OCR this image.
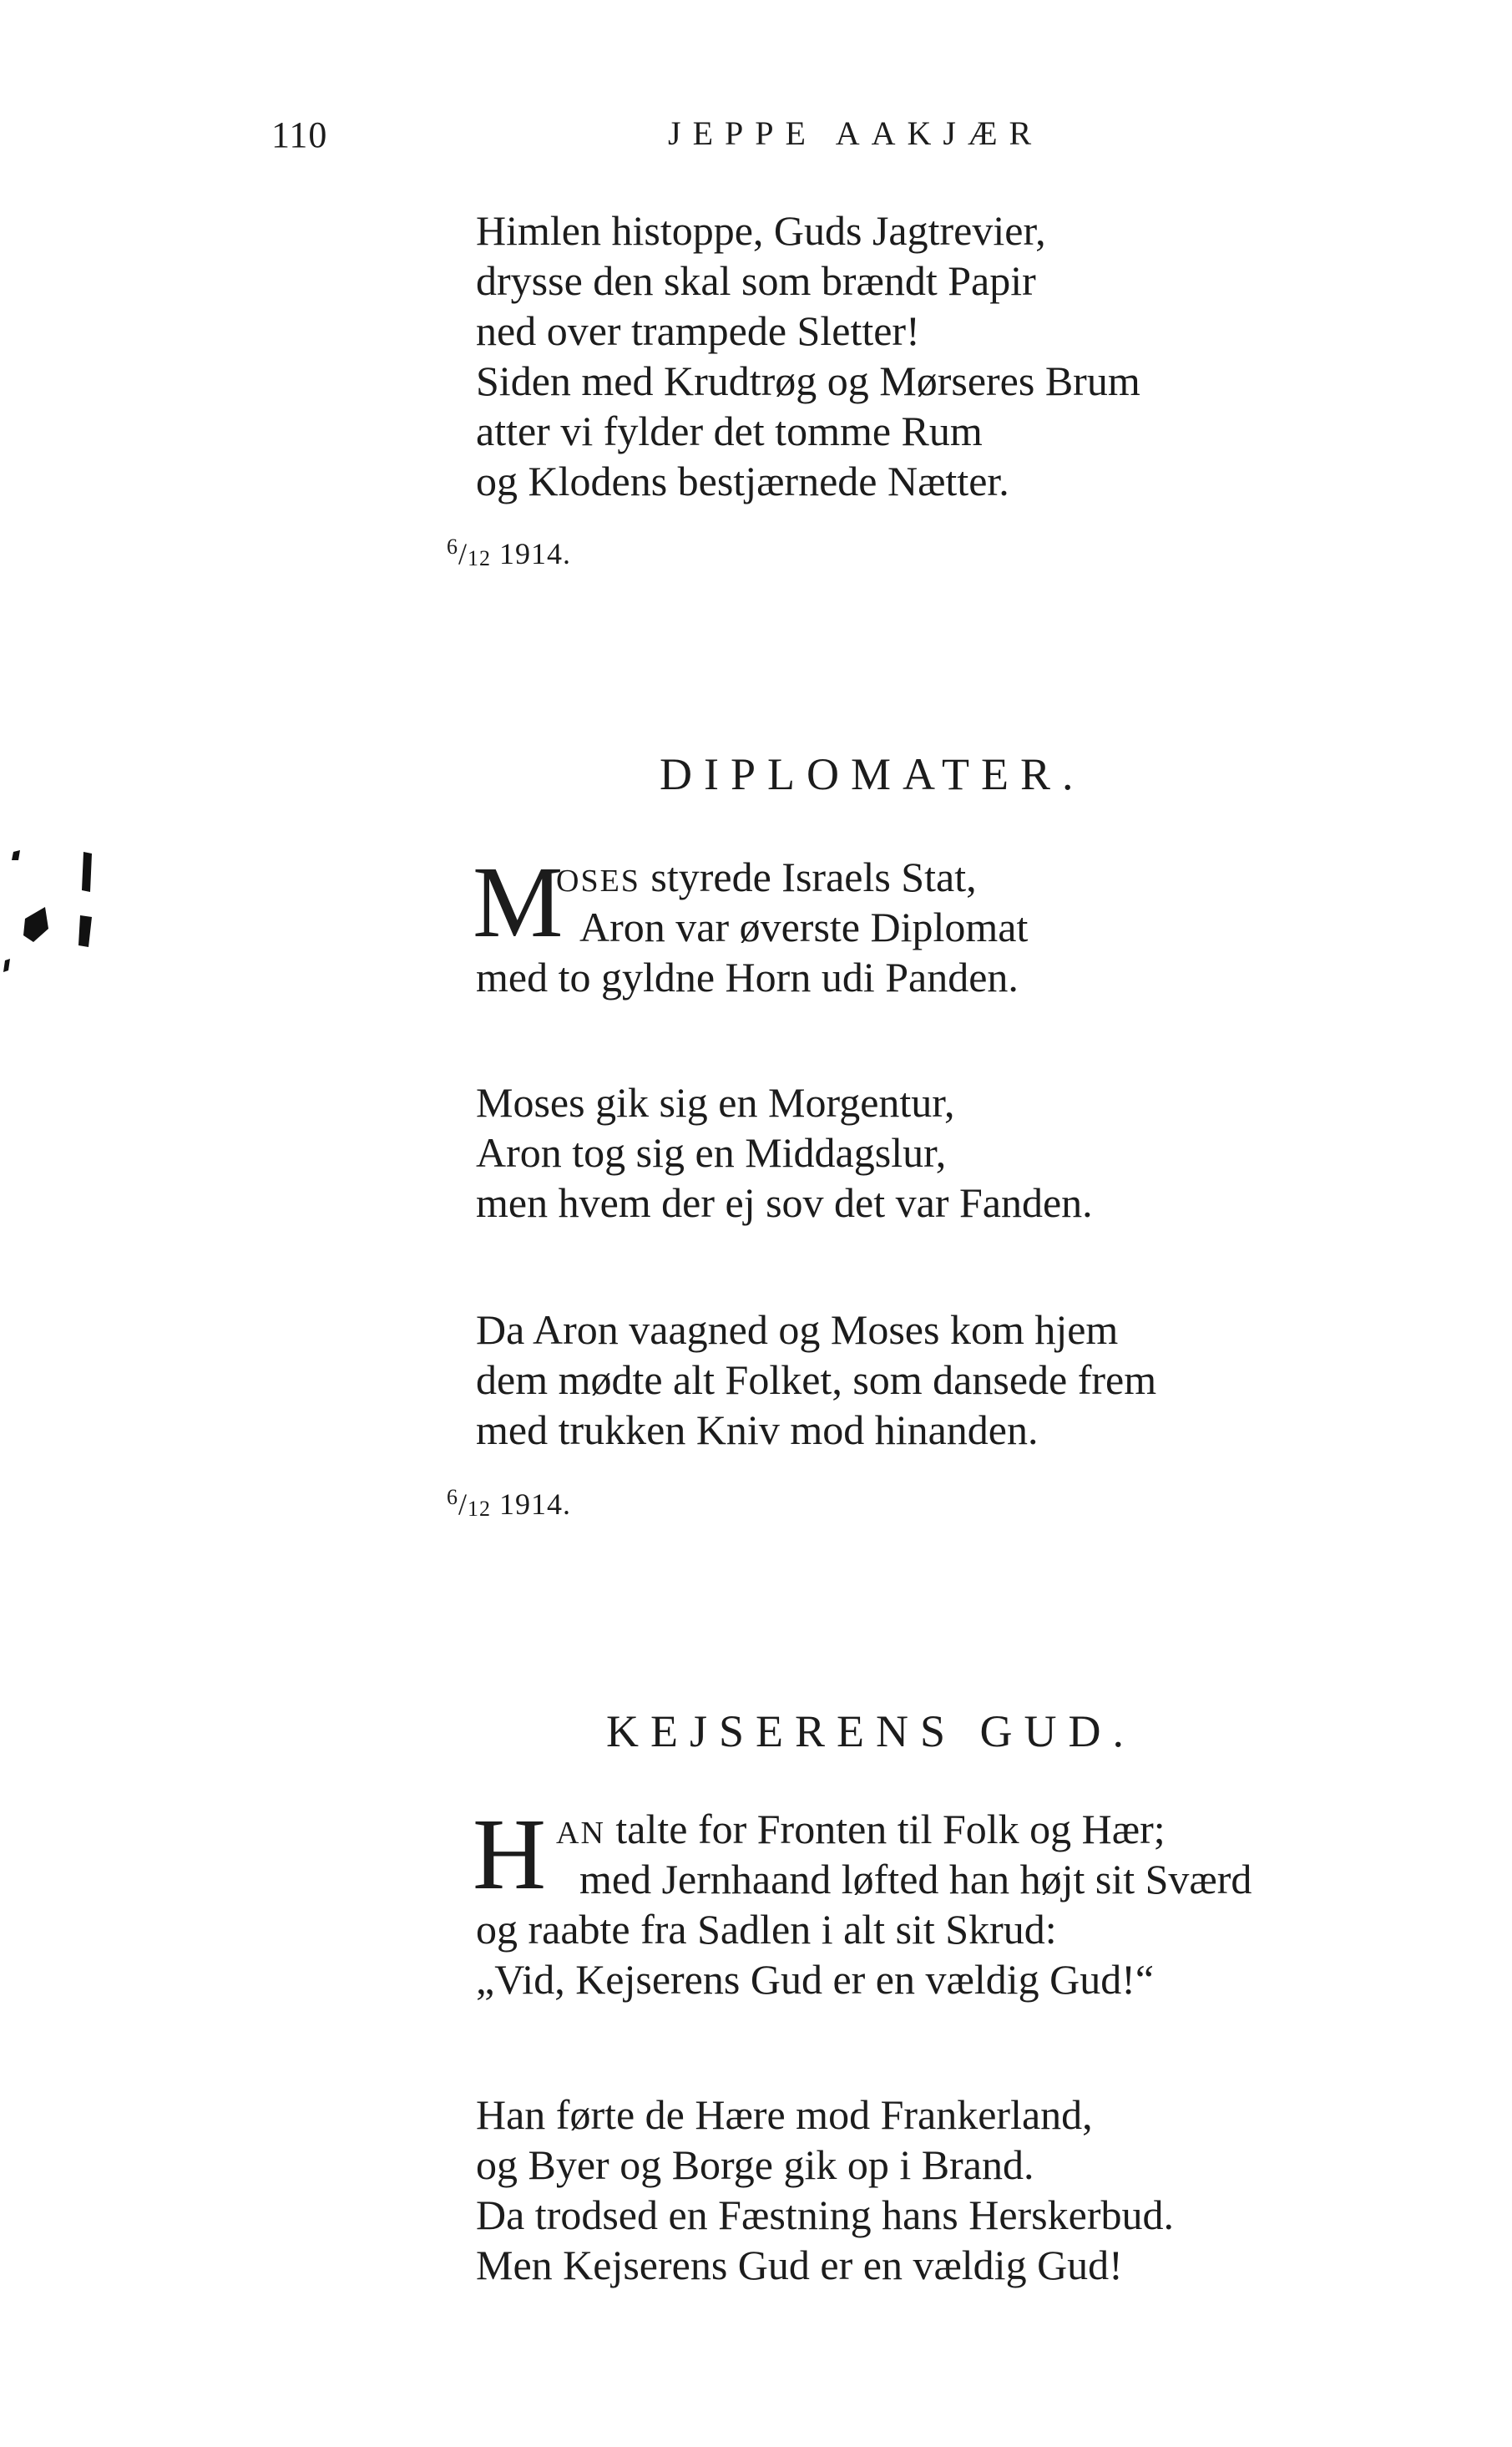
110	JEPPE AAKJÆR
Himlen histoppe, Guds Jagtrevier,
drysse den skal som brændt Papir
ned over trampede Sletter!
Siden med Krudtrøg og Mørseres Brum
atter vi fylder det tomme Rum
og Klodens bestjærnede Nætter.
$^6/_{12}$ 1914.
DIPLOMATER.
M
OSES styrede Israels Stat,
Aron var øverste Diplomat
med to gyldne Horn udi Panden.
Moses gik sig en Morgentur,
Aron tog sig en Middagslur,
men hvem der ej sov det var Fanden.
Da Aron vaagned og Moses kom hjem
dem mødte alt Folket, som dansede frem
med trukken Kniv mod hinanden.
$^6/_{12}$ 1914.
KEJSERENS GUD.
H AN talte for Fronten til Folk og Hær;
med Jernhaand løfted han højt sit Sværd
og raabte fra Sadlen i alt sit Skrud:
„Vid, Kejserens Gud er en vældig Gud!“
Han førte de Hære mod Frankerland,
og Byer og Borge gik op i Brand.
Da trodsed en Fæstning hans Herskerbud.
Men Kejserens Gud er en vældig Gud!
